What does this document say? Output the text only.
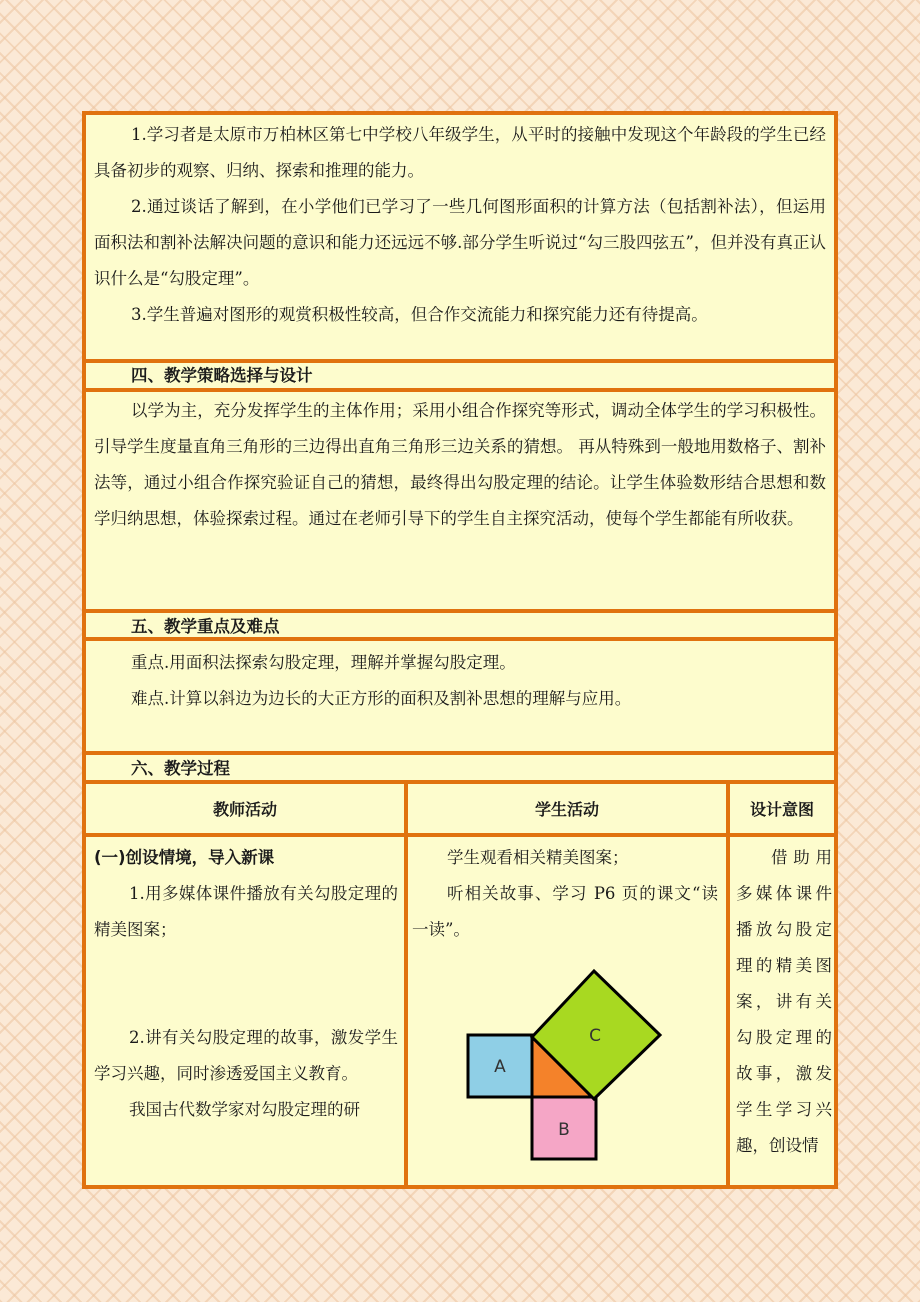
1.学习者是太原市万柏林区第七中学校八年级学生，从平时的接触中发现这个年龄段的学生已经具备初步的观察、归纳、探索和推理的能力。

2.通过谈话了解到，在小学他们已学习了一些几何图形面积的计算方法（包括割补法），但运用面积法和割补法解决问题的意识和能力还远远不够.部分学生听说过“勾三股四弦五”，但并没有真正认识什么是“勾股定理”。

3.学生普遍对图形的观赏积极性较高，但合作交流能力和探究能力还有待提高。

四、教学策略选择与设计

以学为主，充分发挥学生的主体作用；采用小组合作探究等形式，调动全体学生的学习积极性。引导学生度量直角三角形的三边得出直角三角形三边关系的猜想。 再从特殊到一般地用数格子、割补法等，通过小组合作探究验证自己的猜想，最终得出勾股定理的结论。让学生体验数形结合思想和数学归纳思想，体验探索过程。通过在老师引导下的学生自主探究活动，使每个学生都能有所收获。

五、教学重点及难点

重点.用面积法探索勾股定理，理解并掌握勾股定理。

难点.计算以斜边为边长的大正方形的面积及割补思想的理解与应用。

六、教学过程
教师活动	学生活动	设计意图

(一)创设情境，导入新课

1.用多媒体课件播放有关勾股定理的精美图案；

2.讲有关勾股定理的故事，激发学生学习兴趣，同时渗透爱国主义教育。

我国古代数学家对勾股定理的研

学生观看相关精美图案；

听相关故事、学习 P6 页的课文“读一读”。

A
B
C

借助用多媒体课件播放勾股定理的精美图案，讲有关勾股定理的故事，激发学生学习兴趣，创设情
